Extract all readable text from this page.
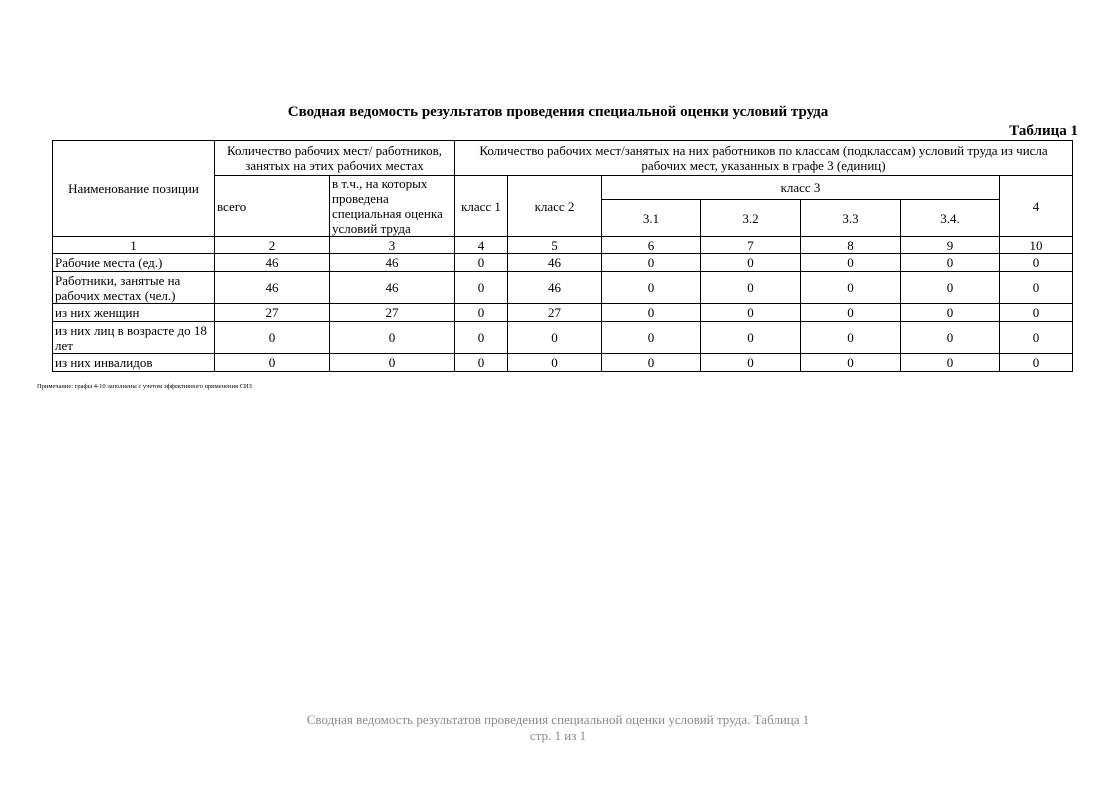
Сводная ведомость результатов проведения специальной оценки условий труда
Таблица 1
Наименование позиции	Количество рабочих мест/ работников, занятых на этих рабочих местах		Количество рабочих мест/занятых на них работников по классам (подклассам) условий труда из числа рабочих мест, указанных в графе 3 (единиц)						
	всего	в т.ч., на которых проведена специальная оценка условий труда	класс 1	класс 2	класс 3				4
					3.1	3.2	3.3	3.4.	
1	2	3	4	5	6	7	8	9	10
Рабочие места (ед.)	46	46	0	46	0	0	0	0	0
Работники, занятые на рабочих местах (чел.)	46	46	0	46	0	0	0	0	0
из них женщин	27	27	0	27	0	0	0	0	0
из них лиц в возрасте до 18 лет	0	0	0	0	0	0	0	0	0
из них инвалидов	0	0	0	0	0	0	0	0	0
Примечание: графы 4-10 заполнены с учетом эффективного применения СИЗ
Сводная ведомость результатов проведения специальной оценки условий труда. Таблица 1
стр. 1 из 1
